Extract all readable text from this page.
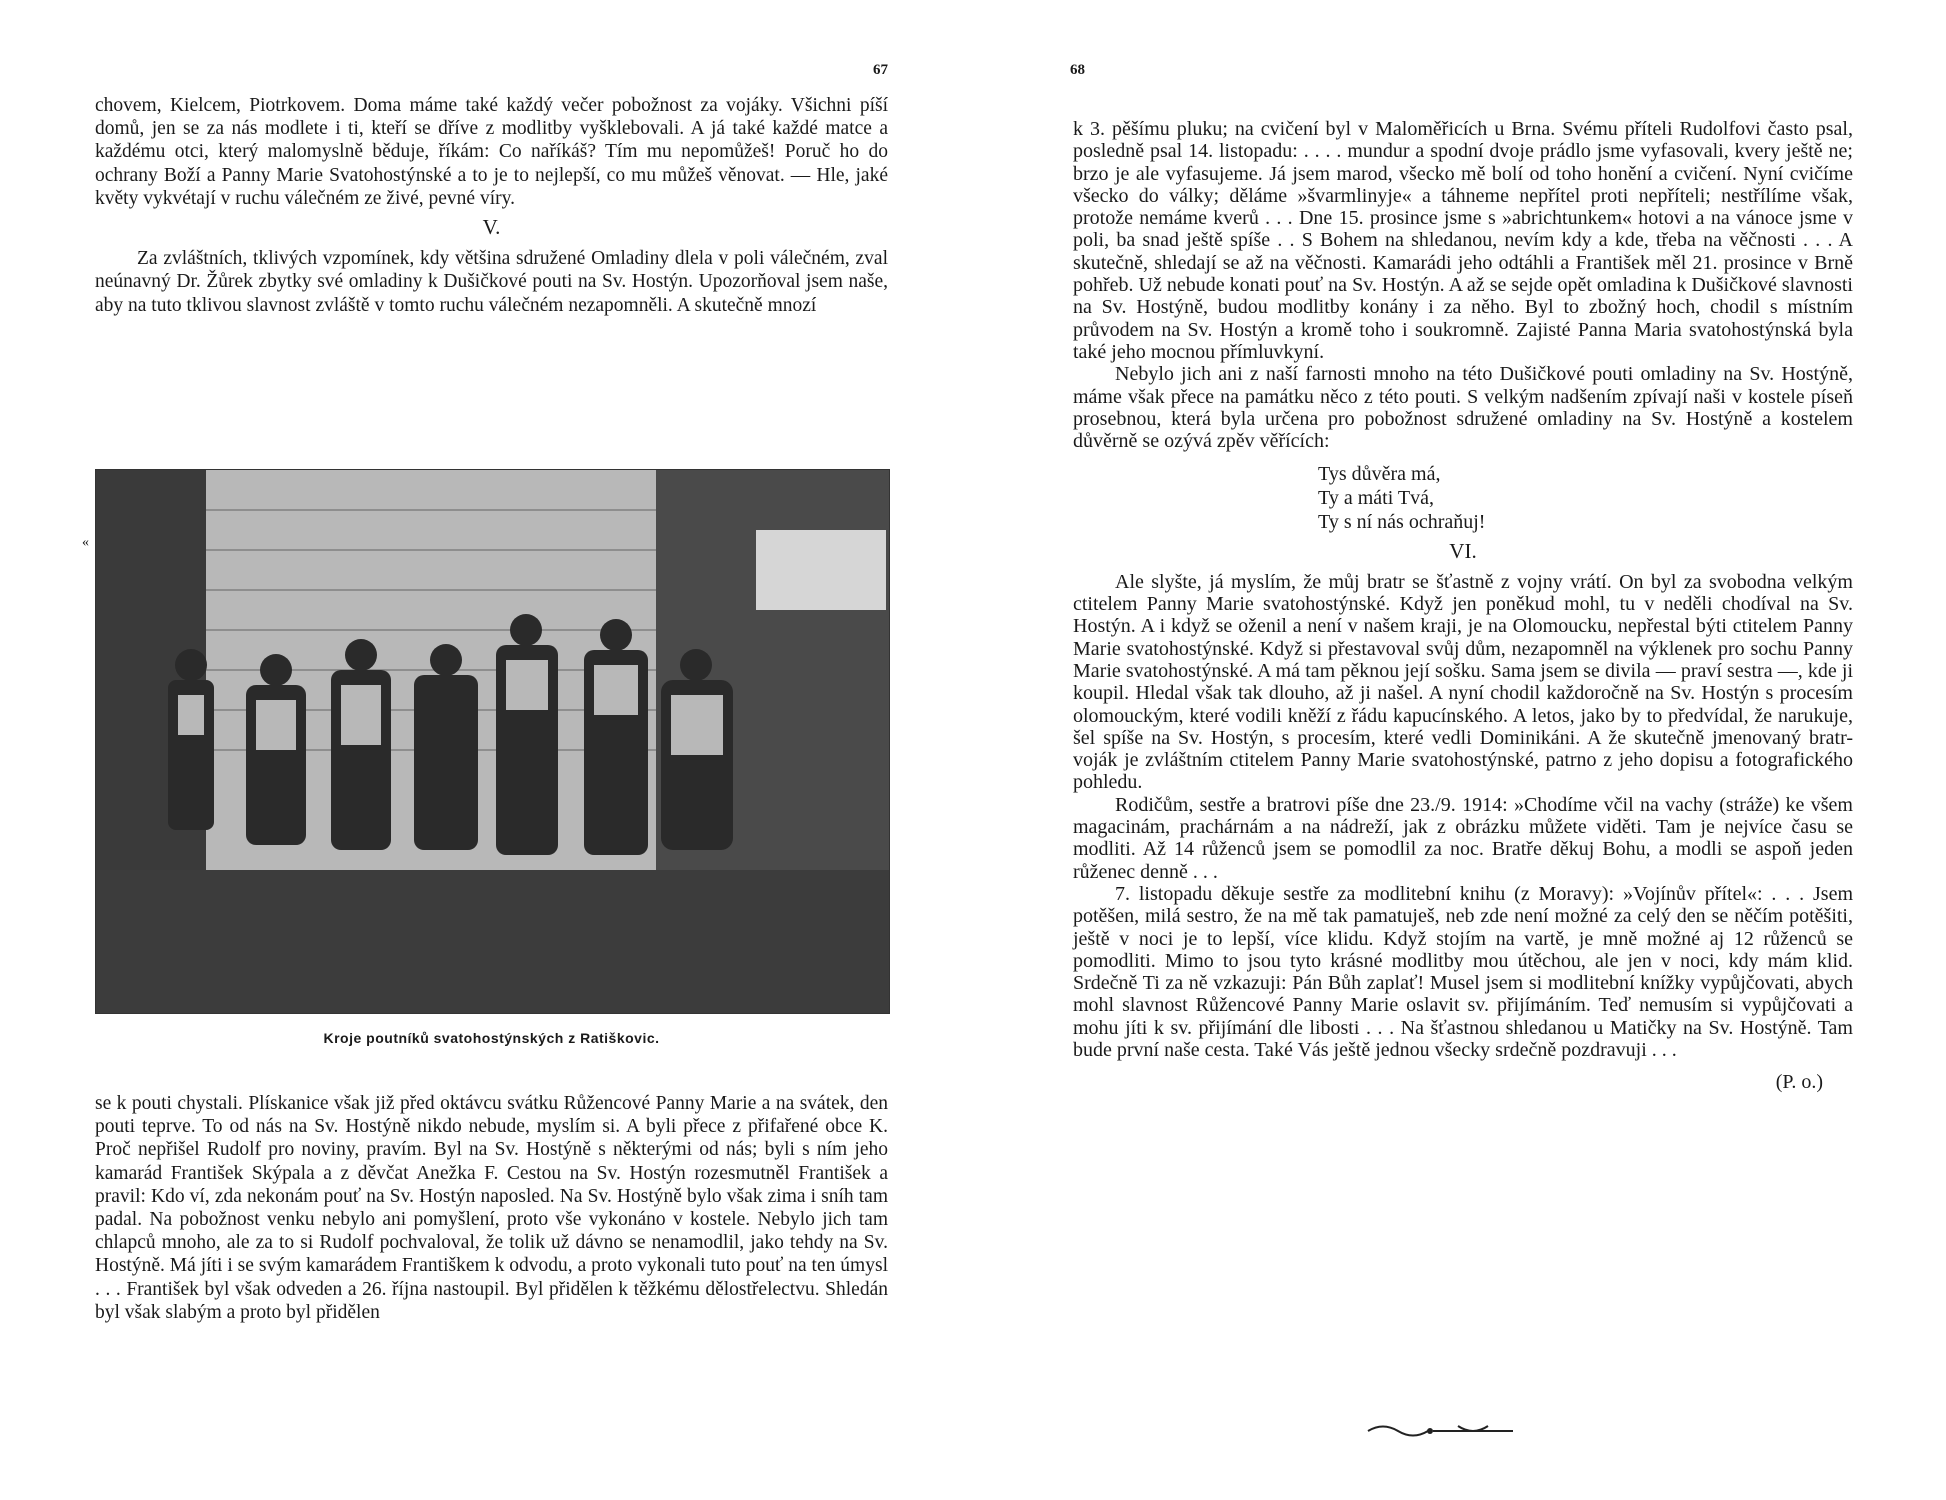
67

chovem, Kielcem, Piotrkovem. Doma máme také každý večer pobožnost za vojáky. Všichni píší domů, jen se za nás modlete i ti, kteří se dříve z modlitby vyšklebovali. A já také každé matce a každému otci, který malomyslně běduje, říkám: Co naříkáš? Tím mu nepomůžeš! Poruč ho do ochrany Boží a Panny Marie Svatohostýnské a to je to nejlepší, co mu můžeš věnovat. — Hle, jaké květy vykvétají v ruchu válečném ze živé, pevné víry.

V.

Za zvláštních, tklivých vzpomínek, kdy většina sdružené Omladiny dlela v poli válečném, zval neúnavný Dr. Žůrek zbytky své omladiny k Dušičkové pouti na Sv. Hostýn. Upozorňoval jsem naše, aby na tuto tklivou slavnost zvláště v tomto ruchu válečném nezapomněli. A skutečně mnozí

«
Kroje poutníků svatohostýnských z Ratiškovic.

se k pouti chystali. Plískanice však již před oktávcu svátku Růžencové Panny Marie a na svátek, den pouti teprve. To od nás na Sv. Hostýně nikdo nebude, myslím si. A byli přece z přifařené obce K. Proč nepřišel Rudolf pro noviny, pravím. Byl na Sv. Hostýně s některými od nás; byli s ním jeho kamarád František Skýpala a z děvčat Anežka F. Cestou na Sv. Hostýn rozesmutněl František a pravil: Kdo ví, zda nekonám pouť na Sv. Hostýn naposled. Na Sv. Hostýně bylo však zima i sníh tam padal. Na pobožnost venku nebylo ani pomyšlení, proto vše vykonáno v kostele. Nebylo jich tam chlapců mnoho, ale za to si Rudolf pochvaloval, že tolik už dávno se nenamodlil, jako tehdy na Sv. Hostýně. Má jíti i se svým kamarádem Františkem k odvodu, a proto vykonali tuto pouť na ten úmysl . . . František byl však odveden a 26. října nastoupil. Byl přidělen k těžkému dělostřelectvu. Shledán byl však slabým a proto byl přidělen

68

k 3. pěšímu pluku; na cvičení byl v Maloměřicích u Brna. Svému příteli Rudolfovi často psal, posledně psal 14. listopadu: . . . . mundur a spodní dvoje prádlo jsme vyfasovali, kvery ještě ne; brzo je ale vyfasujeme. Já jsem marod, všecko mě bolí od toho honění a cvičení. Nyní cvičíme všecko do války; děláme »švarmlinyje« a táhneme nepřítel proti nepříteli; nestřílíme však, protože nemáme kverů . . . Dne 15. prosince jsme s »abrichtunkem« hotovi a na vánoce jsme v poli, ba snad ještě spíše . . S Bohem na shledanou, nevím kdy a kde, třeba na věčnosti . . . A skutečně, shledají se až na věčnosti. Kamarádi jeho odtáhli a František měl 21. prosince v Brně pohřeb. Už nebude konati pouť na Sv. Hostýn. A až se sejde opět omladina k Dušičkové slavnosti na Sv. Hostýně, budou modlitby konány i za něho. Byl to zbožný hoch, chodil s místním průvodem na Sv. Hostýn a kromě toho i soukromně. Zajisté Panna Maria svatohostýnská byla také jeho mocnou přímluvkyní.

Nebylo jich ani z naší farnosti mnoho na této Dušičkové pouti omladiny na Sv. Hostýně, máme však přece na památku něco z této pouti. S velkým nadšením zpívají naši v kostele píseň prosebnou, která byla určena pro pobožnost sdružené omladiny na Sv. Hostýně a kostelem důvěrně se ozývá zpěv věřících:

Tys důvěra má,
Ty a máti Tvá,
Ty s ní nás ochraňuj!
VI.

Ale slyšte, já myslím, že můj bratr se šťastně z vojny vrátí. On byl za svobodna velkým ctitelem Panny Marie svatohostýnské. Když jen poněkud mohl, tu v neděli chodíval na Sv. Hostýn. A i když se oženil a není v našem kraji, je na Olomoucku, nepřestal býti ctitelem Panny Marie svatohostýnské. Když si přestavoval svůj dům, nezapomněl na výklenek pro sochu Panny Marie svatohostýnské. A má tam pěknou její sošku. Sama jsem se divila — praví sestra —, kde ji koupil. Hledal však tak dlouho, až ji našel. A nyní chodil každoročně na Sv. Hostýn s procesím olomouckým, které vodili kněží z řádu kapucínského. A letos, jako by to předvídal, že narukuje, šel spíše na Sv. Hostýn, s procesím, které vedli Dominikáni. A že skutečně jmenovaný bratr-voják je zvláštním ctitelem Panny Marie svatohostýnské, patrno z jeho dopisu a fotografického pohledu.

Rodičům, sestře a bratrovi píše dne 23./9. 1914: »Chodíme včil na vachy (stráže) ke všem magacinám, prachárnám a na nádreží, jak z obrázku můžete viděti. Tam je nejvíce času se modliti. Až 14 růženců jsem se pomodlil za noc. Bratře děkuj Bohu, a modli se aspoň jeden růženec denně . . .

7. listopadu děkuje sestře za modlitební knihu (z Moravy): »Vojínův přítel«: . . . Jsem potěšen, milá sestro, že na mě tak pamatuješ, neb zde není možné za celý den se něčím potěšiti, ještě v noci je to lepší, více klidu. Když stojím na vartě, je mně možné aj 12 růženců se pomodliti. Mimo to jsou tyto krásné modlitby mou útěchou, ale jen v noci, kdy mám klid. Srdečně Ti za ně vzkazuji: Pán Bůh zaplať! Musel jsem si modlitební knížky vypůjčovati, abych mohl slavnost Růžencové Panny Marie oslavit sv. přijímáním. Teď nemusím si vypůjčovati a mohu jíti k sv. přijímání dle libosti . . . Na šťastnou shledanou u Matičky na Sv. Hostýně. Tam bude první naše cesta. Také Vás ještě jednou všecky srdečně pozdravuji . . .

(P. o.)
